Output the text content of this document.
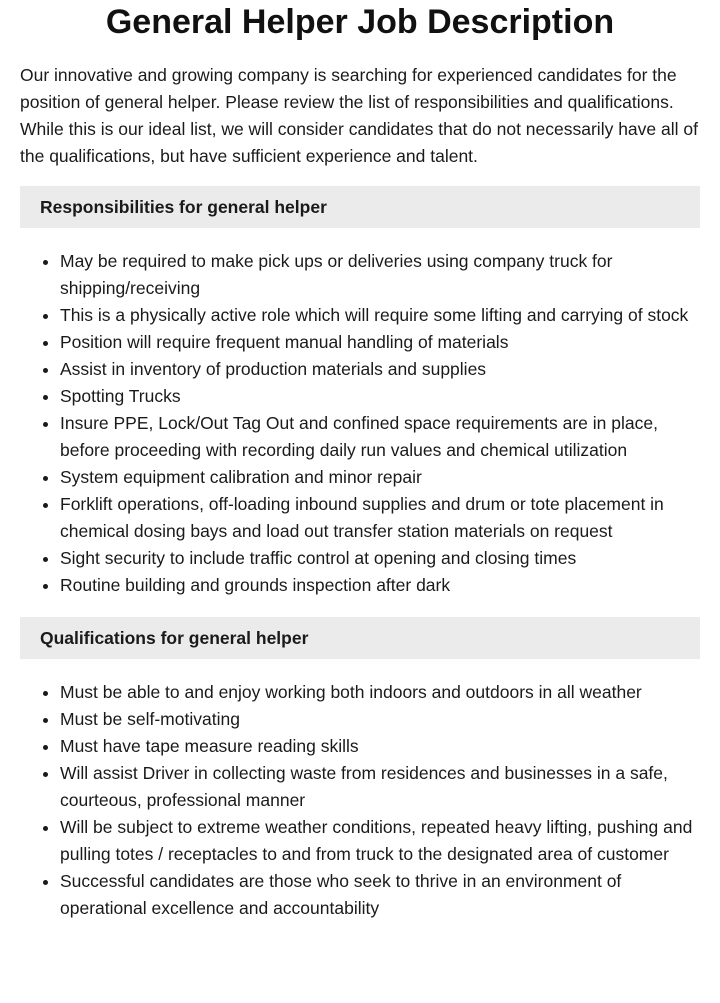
General Helper Job Description

Our innovative and growing company is searching for experienced candidates for the position of general helper. Please review the list of responsibilities and qualifications. While this is our ideal list, we will consider candidates that do not necessarily have all of the qualifications, but have sufficient experience and talent.

Responsibilities for general helper
• May be required to make pick ups or deliveries using company truck for shipping/receiving
• This is a physically active role which will require some lifting and carrying of stock
• Position will require frequent manual handling of materials
• Assist in inventory of production materials and supplies
• Spotting Trucks
• Insure PPE, Lock/Out Tag Out and confined space requirements are in place, before proceeding with recording daily run values and chemical utilization
• System equipment calibration and minor repair
• Forklift operations, off-loading inbound supplies and drum or tote placement in chemical dosing bays and load out transfer station materials on request
• Sight security to include traffic control at opening and closing times
• Routine building and grounds inspection after dark
Qualifications for general helper
• Must be able to and enjoy working both indoors and outdoors in all weather
• Must be self-motivating
• Must have tape measure reading skills
• Will assist Driver in collecting waste from residences and businesses in a safe, courteous, professional manner
• Will be subject to extreme weather conditions, repeated heavy lifting, pushing and pulling totes / receptacles to and from truck to the designated area of customer
• Successful candidates are those who seek to thrive in an environment of operational excellence and accountability
